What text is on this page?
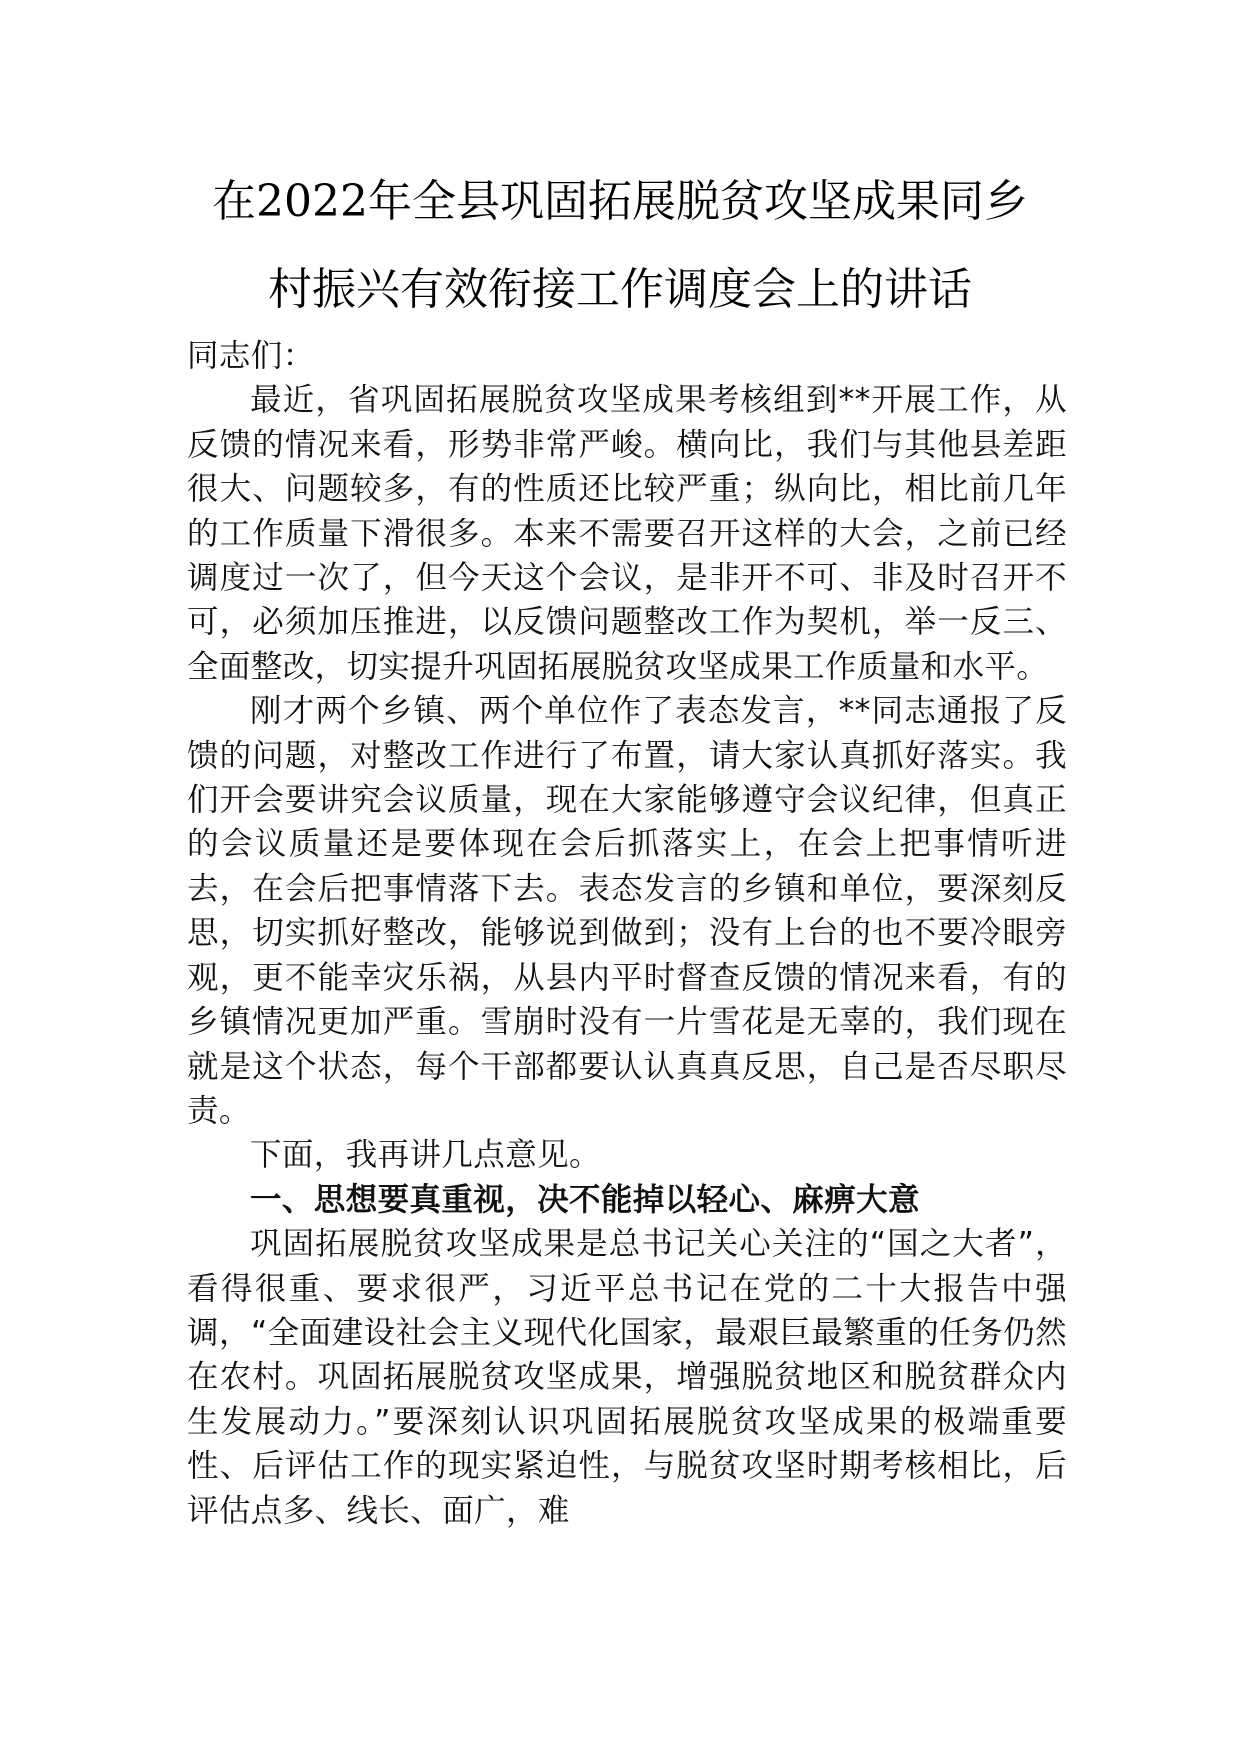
在2022年全县巩固拓展脱贫攻坚成果同乡
村振兴有效衔接工作调度会上的讲话

同志们：

最近，省巩固拓展脱贫攻坚成果考核组到**开展工作，从反馈的情况来看，形势非常严峻。横向比，我们与其他县差距很大、问题较多，有的性质还比较严重；纵向比，相比前几年的工作质量下滑很多。本来不需要召开这样的大会，之前已经调度过一次了，但今天这个会议，是非开不可、非及时召开不可，必须加压推进，以反馈问题整改工作为契机，举一反三、全面整改，切实提升巩固拓展脱贫攻坚成果工作质量和水平。

刚才两个乡镇、两个单位作了表态发言，**同志通报了反馈的问题，对整改工作进行了布置，请大家认真抓好落实。我们开会要讲究会议质量，现在大家能够遵守会议纪律，但真正的会议质量还是要体现在会后抓落实上，在会上把事情听进去，在会后把事情落下去。表态发言的乡镇和单位，要深刻反思，切实抓好整改，能够说到做到；没有上台的也不要冷眼旁观，更不能幸灾乐祸，从县内平时督查反馈的情况来看，有的乡镇情况更加严重。雪崩时没有一片雪花是无辜的，我们现在就是这个状态，每个干部都要认认真真反思，自己是否尽职尽责。

下面，我再讲几点意见。

一、思想要真重视，决不能掉以轻心、麻痹大意

巩固拓展脱贫攻坚成果是总书记关心关注的“国之大者”，看得很重、要求很严，习近平总书记在党的二十大报告中强调，“全面建设社会主义现代化国家，最艰巨最繁重的任务仍然在农村。巩固拓展脱贫攻坚成果，增强脱贫地区和脱贫群众内生发展动力。”要深刻认识巩固拓展脱贫攻坚成果的极端重要性、后评估工作的现实紧迫性，与脱贫攻坚时期考核相比，后评估点多、线长、面广，难
